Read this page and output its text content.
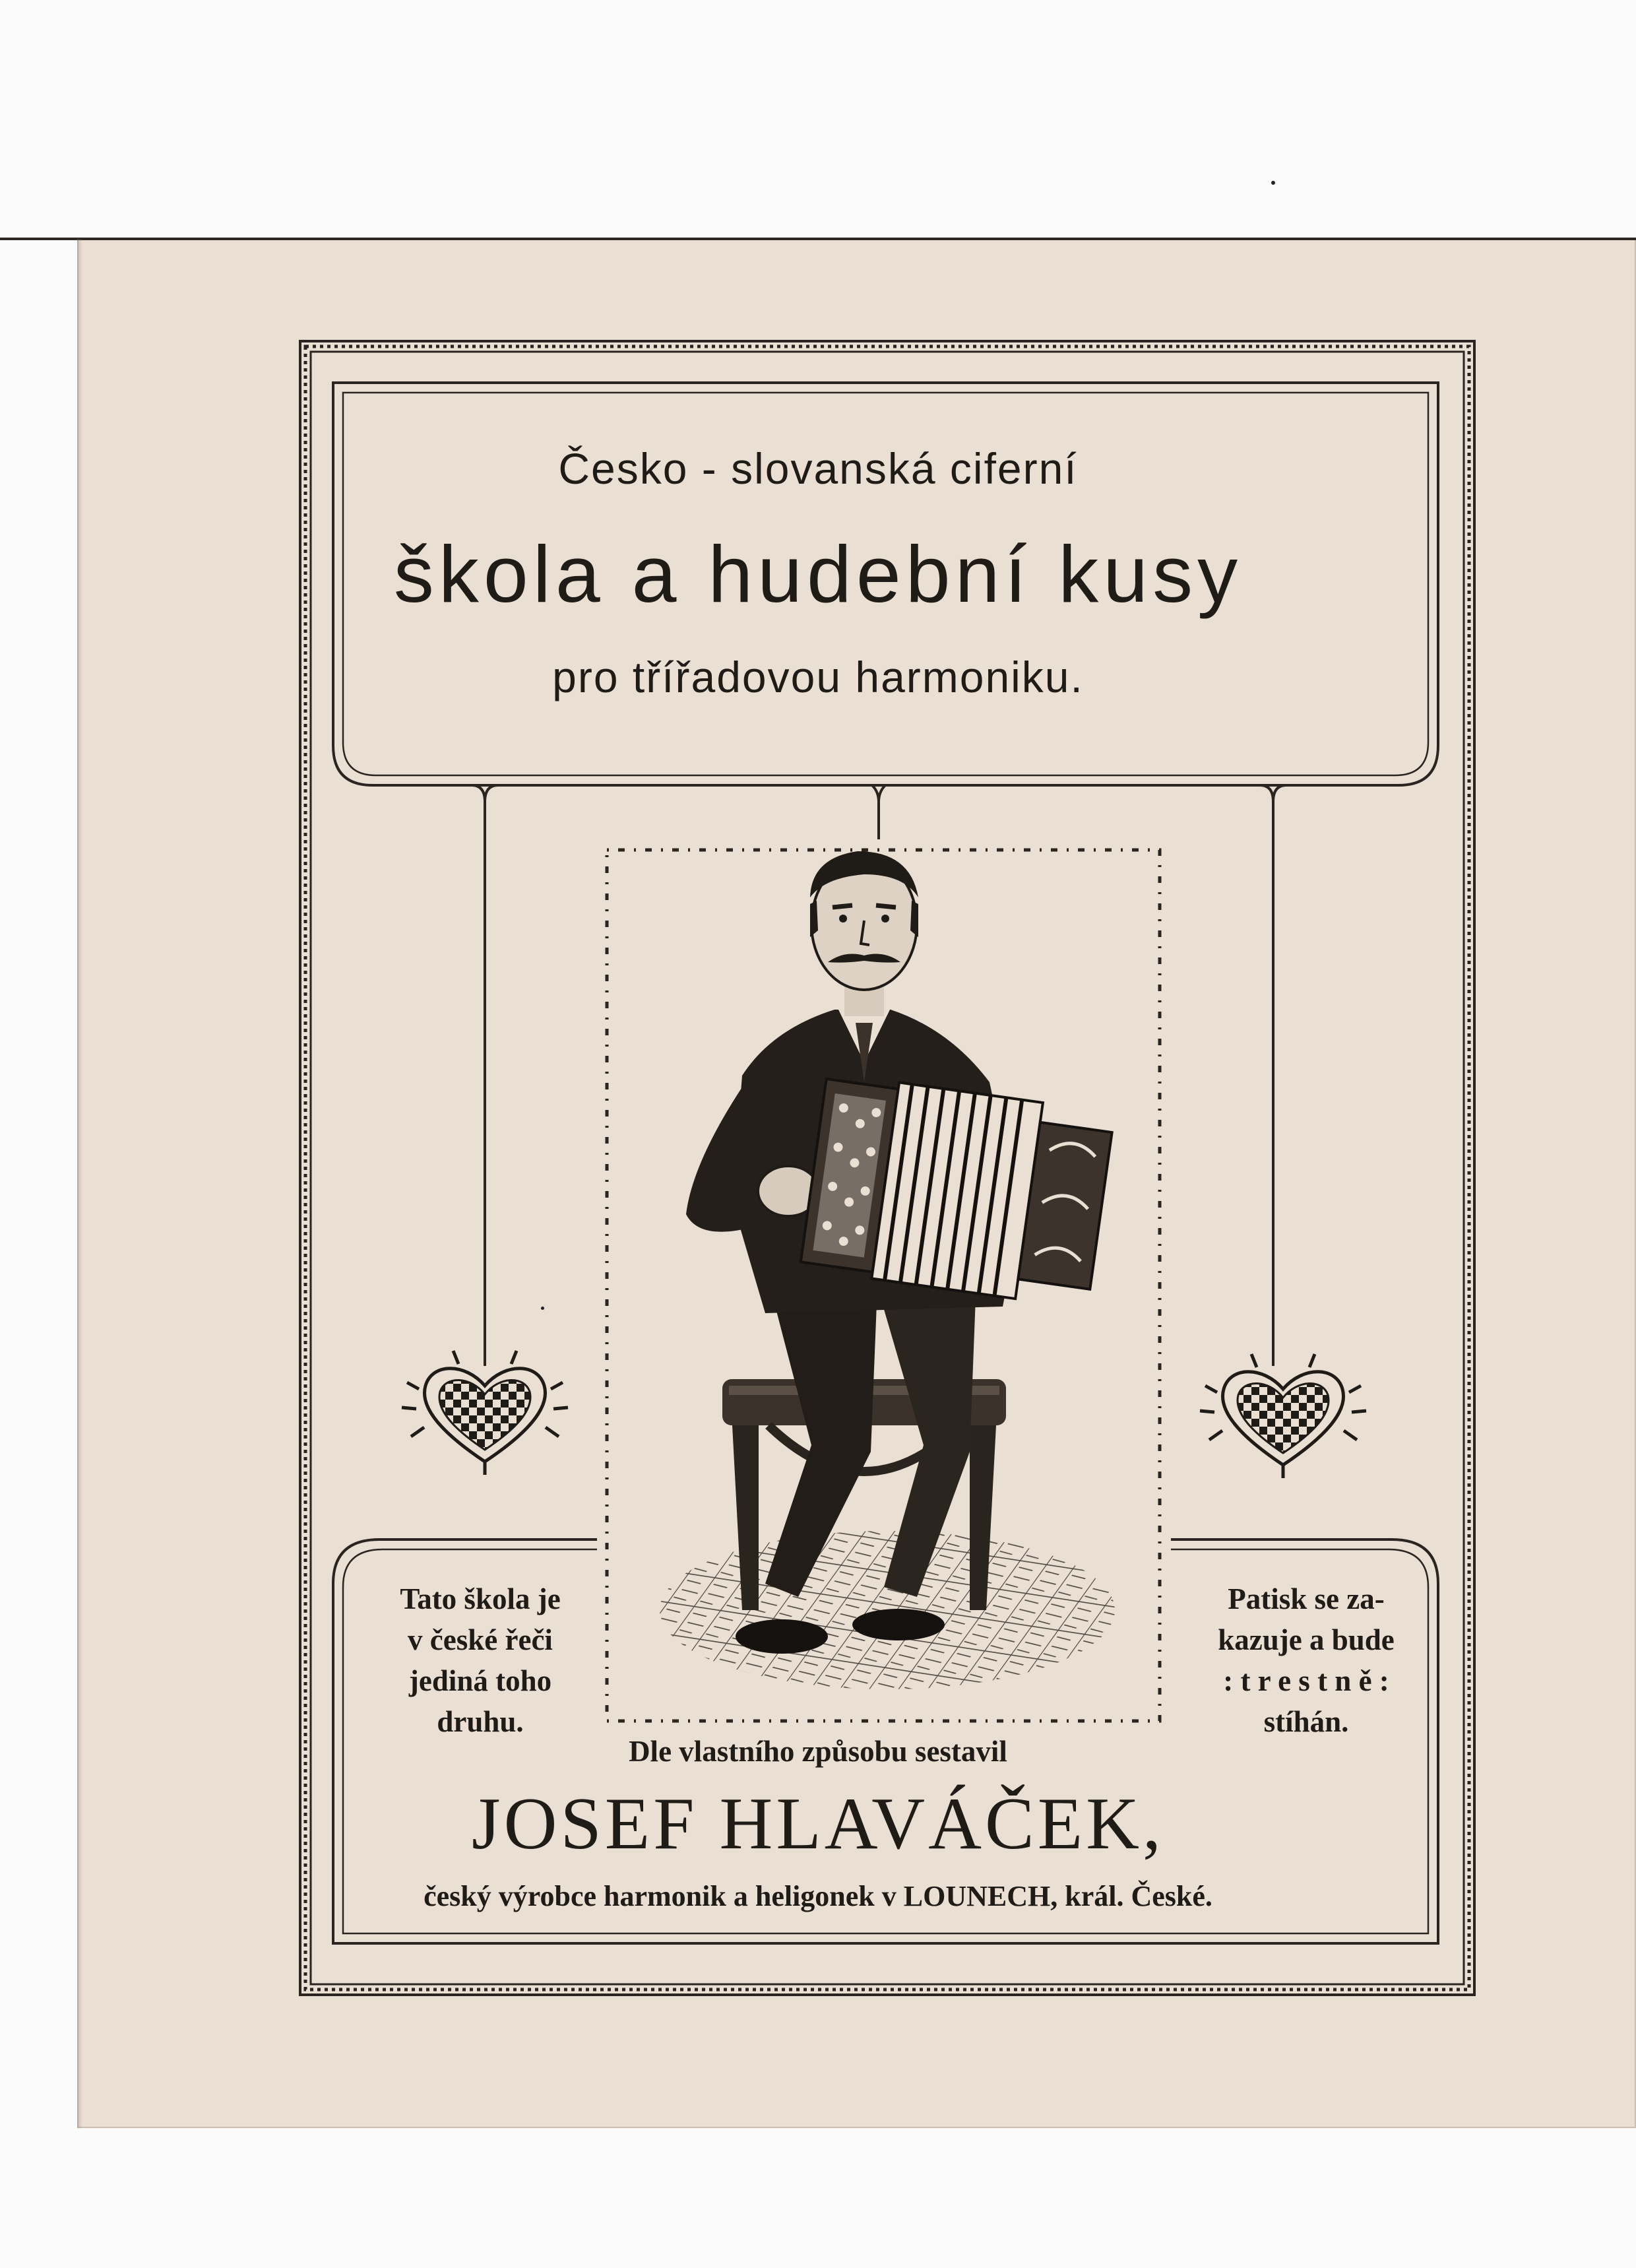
Česko - slovanská ciferní
škola a hudební kusy
pro třířadovou harmoniku.
Tato škola je
v české řeči
jediná toho
druhu.
Patisk se za-
kazuje a bude
: t r e s t n ě :
stíhán.
Dle vlastního způsobu sestavil
JOSEF HLAVÁČEK,
český výrobce harmonik a heligonek v LOUNECH, král. České.
